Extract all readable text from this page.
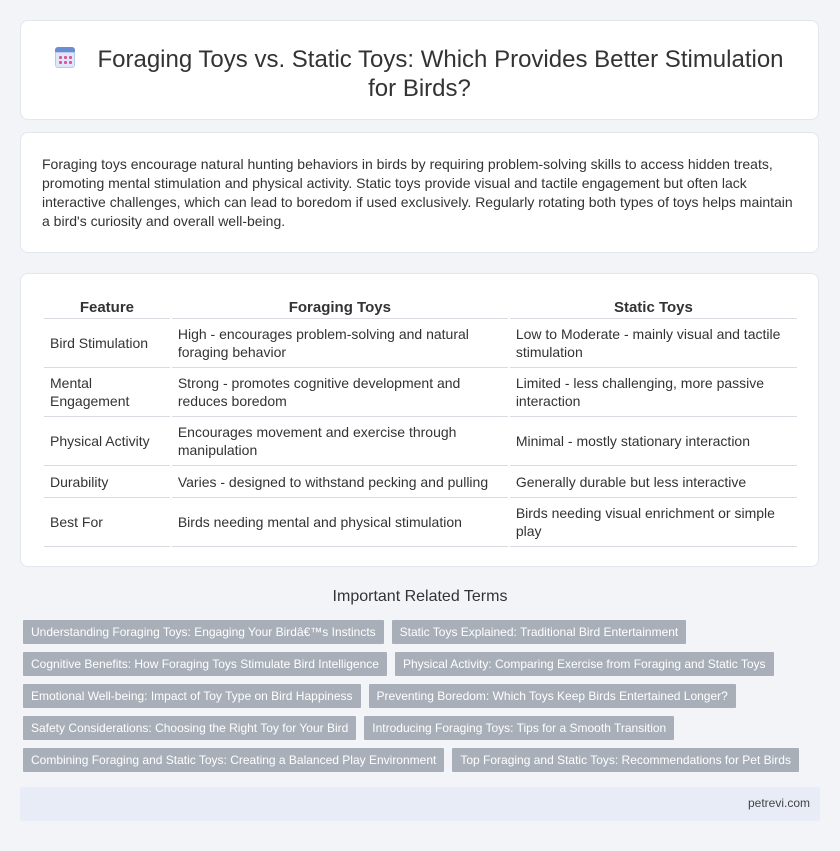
Foraging Toys vs. Static Toys: Which Provides Better Stimulation for Birds?

Foraging toys encourage natural hunting behaviors in birds by requiring problem-solving skills to access hidden treats, promoting mental stimulation and physical activity. Static toys provide visual and tactile engagement but often lack interactive challenges, which can lead to boredom if used exclusively. Regularly rotating both types of toys helps maintain a bird's curiosity and overall well-being.

Feature	Foraging Toys	Static Toys
Bird Stimulation	High - encourages problem-solving and natural foraging behavior	Low to Moderate - mainly visual and tactile stimulation
Mental Engagement	Strong - promotes cognitive development and reduces boredom	Limited - less challenging, more passive interaction
Physical Activity	Encourages movement and exercise through manipulation	Minimal - mostly stationary interaction
Durability	Varies - designed to withstand pecking and pulling	Generally durable but less interactive
Best For	Birds needing mental and physical stimulation	Birds needing visual enrichment or simple play
Important Related Terms
Understanding Foraging Toys: Engaging Your Birdâ€™s Instincts	Static Toys Explained: Traditional Bird Entertainment
Cognitive Benefits: How Foraging Toys Stimulate Bird Intelligence	Physical Activity: Comparing Exercise from Foraging and Static Toys
Emotional Well-being: Impact of Toy Type on Bird Happiness	Preventing Boredom: Which Toys Keep Birds Entertained Longer?
Safety Considerations: Choosing the Right Toy for Your Bird	Introducing Foraging Toys: Tips for a Smooth Transition
Combining Foraging and Static Toys: Creating a Balanced Play Environment	Top Foraging and Static Toys: Recommendations for Pet Birds
petrevi.com
